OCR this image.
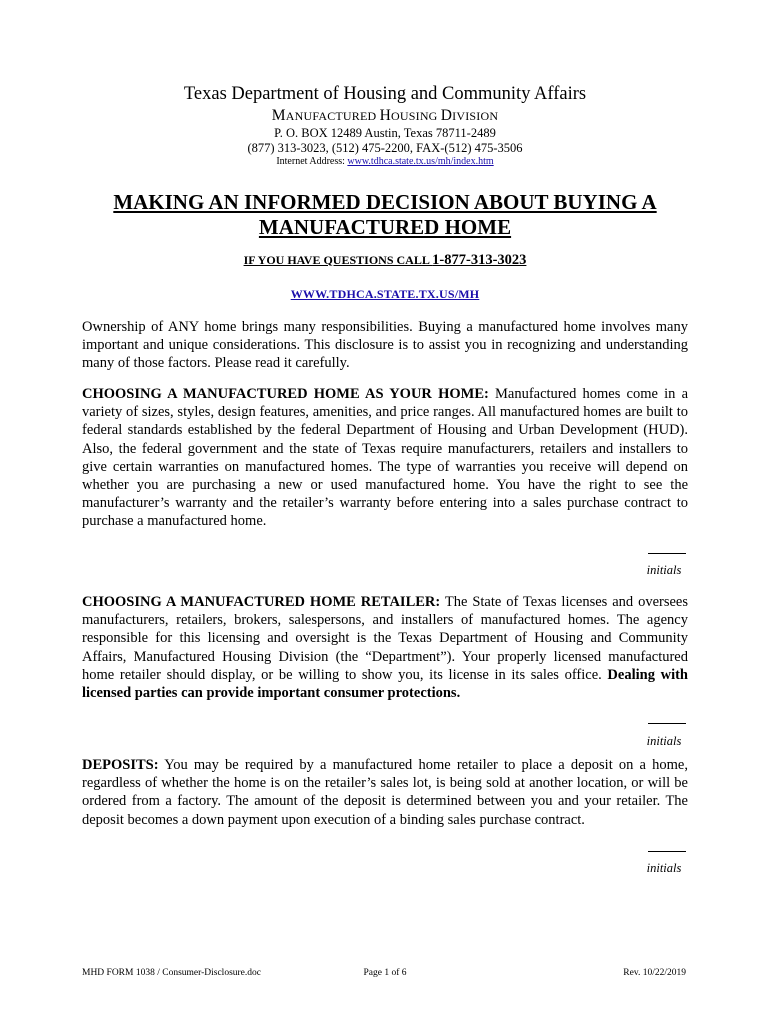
Texas Department of Housing and Community Affairs
MANUFACTURED HOUSING DIVISION
P. O. BOX 12489 Austin, Texas 78711-2489
(877) 313-3023, (512) 475-2200, FAX-(512) 475-3506
Internet Address: www.tdhca.state.tx.us/mh/index.htm
MAKING AN INFORMED DECISION ABOUT BUYING A
MANUFACTURED HOME
IF YOU HAVE QUESTIONS CALL 1-877-313-3023
WWW.TDHCA.STATE.TX.US/MH

Ownership of ANY home brings many responsibilities. Buying a manufactured home involves many important and unique considerations. This disclosure is to assist you in recognizing and understanding many of those factors. Please read it carefully.

CHOOSING A MANUFACTURED HOME AS YOUR HOME: Manufactured homes come in a variety of sizes, styles, design features, amenities, and price ranges. All manufactured homes are built to federal standards established by the federal Department of Housing and Urban Development (HUD). Also, the federal government and the state of Texas require manufacturers, retailers and installers to give certain warranties on manufactured homes. The type of warranties you receive will depend on whether you are purchasing a new or used manufactured home. You have the right to see the manufacturer’s warranty and the retailer’s warranty before entering into a sales purchase contract to purchase a manufactured home.

initials

CHOOSING A MANUFACTURED HOME RETAILER: The State of Texas licenses and oversees manufacturers, retailers, brokers, salespersons, and installers of manufactured homes. The agency responsible for this licensing and oversight is the Texas Department of Housing and Community Affairs, Manufactured Housing Division (the “Department”). Your properly licensed manufactured home retailer should display, or be willing to show you, its license in its sales office. Dealing with licensed parties can provide important consumer protections.

initials

DEPOSITS: You may be required by a manufactured home retailer to place a deposit on a home, regardless of whether the home is on the retailer’s sales lot, is being sold at another location, or will be ordered from a factory. The amount of the deposit is determined between you and your retailer. The deposit becomes a down payment upon execution of a binding sales purchase contract.

initials
MHD FORM 1038 / Consumer-Disclosure.doc	Page 1 of 6	Rev. 10/22/2019
